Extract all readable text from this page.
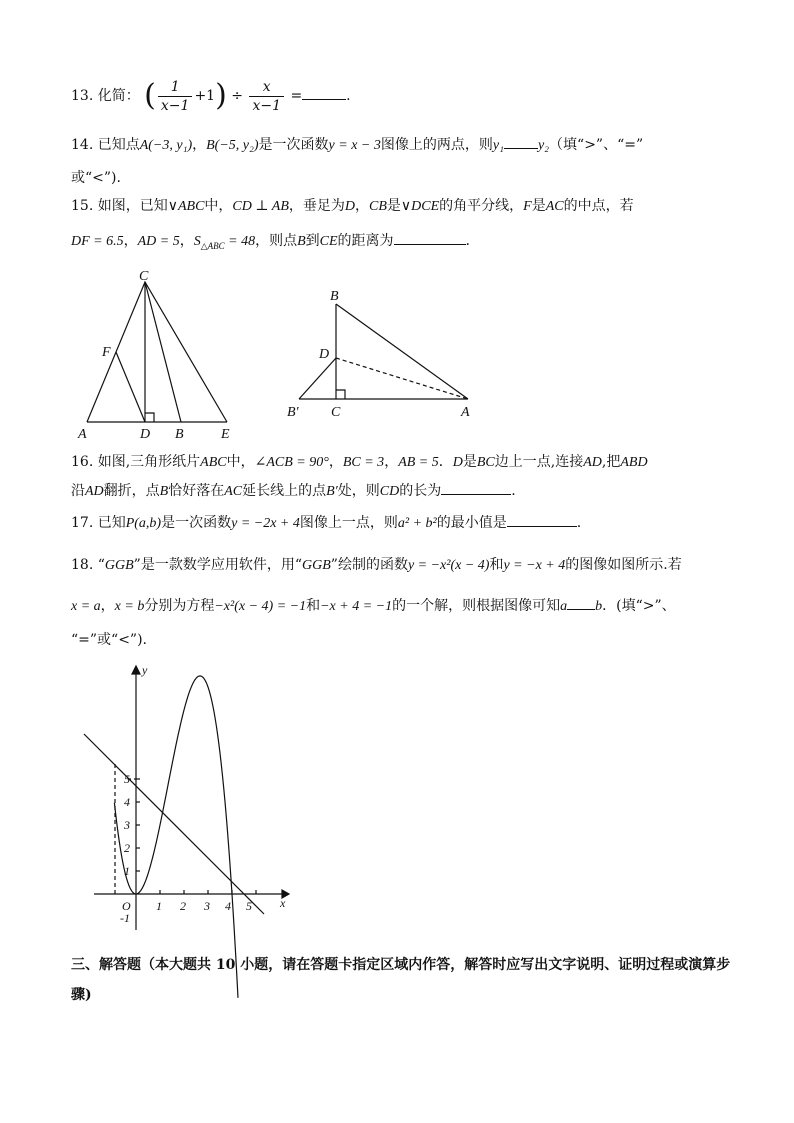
13. 化简： ( $\frac{1}{x-1} +1) \div \frac{x}{x-1}$ =	.
14. 已知点A(−3, y₁)，B(−5, y₂)是一次函数y = x − 3图像上的两点，则y₁ y₂（填“>”、“=”
或“<”).
15. 如图，已知∨ABC中，CD ⊥ AB，垂足为D，CB是∨DCE的角平分线，F是AC的中点，若
DF = 6.5，AD = 5，$S_{\triangle ABC} = 48$，则点B到CE的距离为	.
C
F
A	D B	E
B
D
B′ C	A
16. 如图,三角形纸片ABC中，∠ACB = 90°，BC = 3，AB = 5．D是BC边上一点,连接AD,把ABD
沿AD翻折，点B恰好落在AC延长线上的点B′处，则CD的长为	.
17. 已知P(a,b)是一次函数y = −2x + 4图像上一点，则a² + b²的最小值是	.
18. “GGB”是一款数学应用软件，用“GGB”绘制的函数y = −x²(x − 4)和y = −x + 4的图像如图所示.若
x = a，x = b分别为方程−x²(x − 4) = −1和−x + 4 = −1的一个解，则根据图像可知a b．(填“>”、
“=”或“<”).
x
y
O 1 2 3 4 5
5
4
3
2
1
-1
三、解答题（本大题共 10 小题，请在答题卡指定区域内作答，解答时应写出文字说明、证明过程或演算步骤)
